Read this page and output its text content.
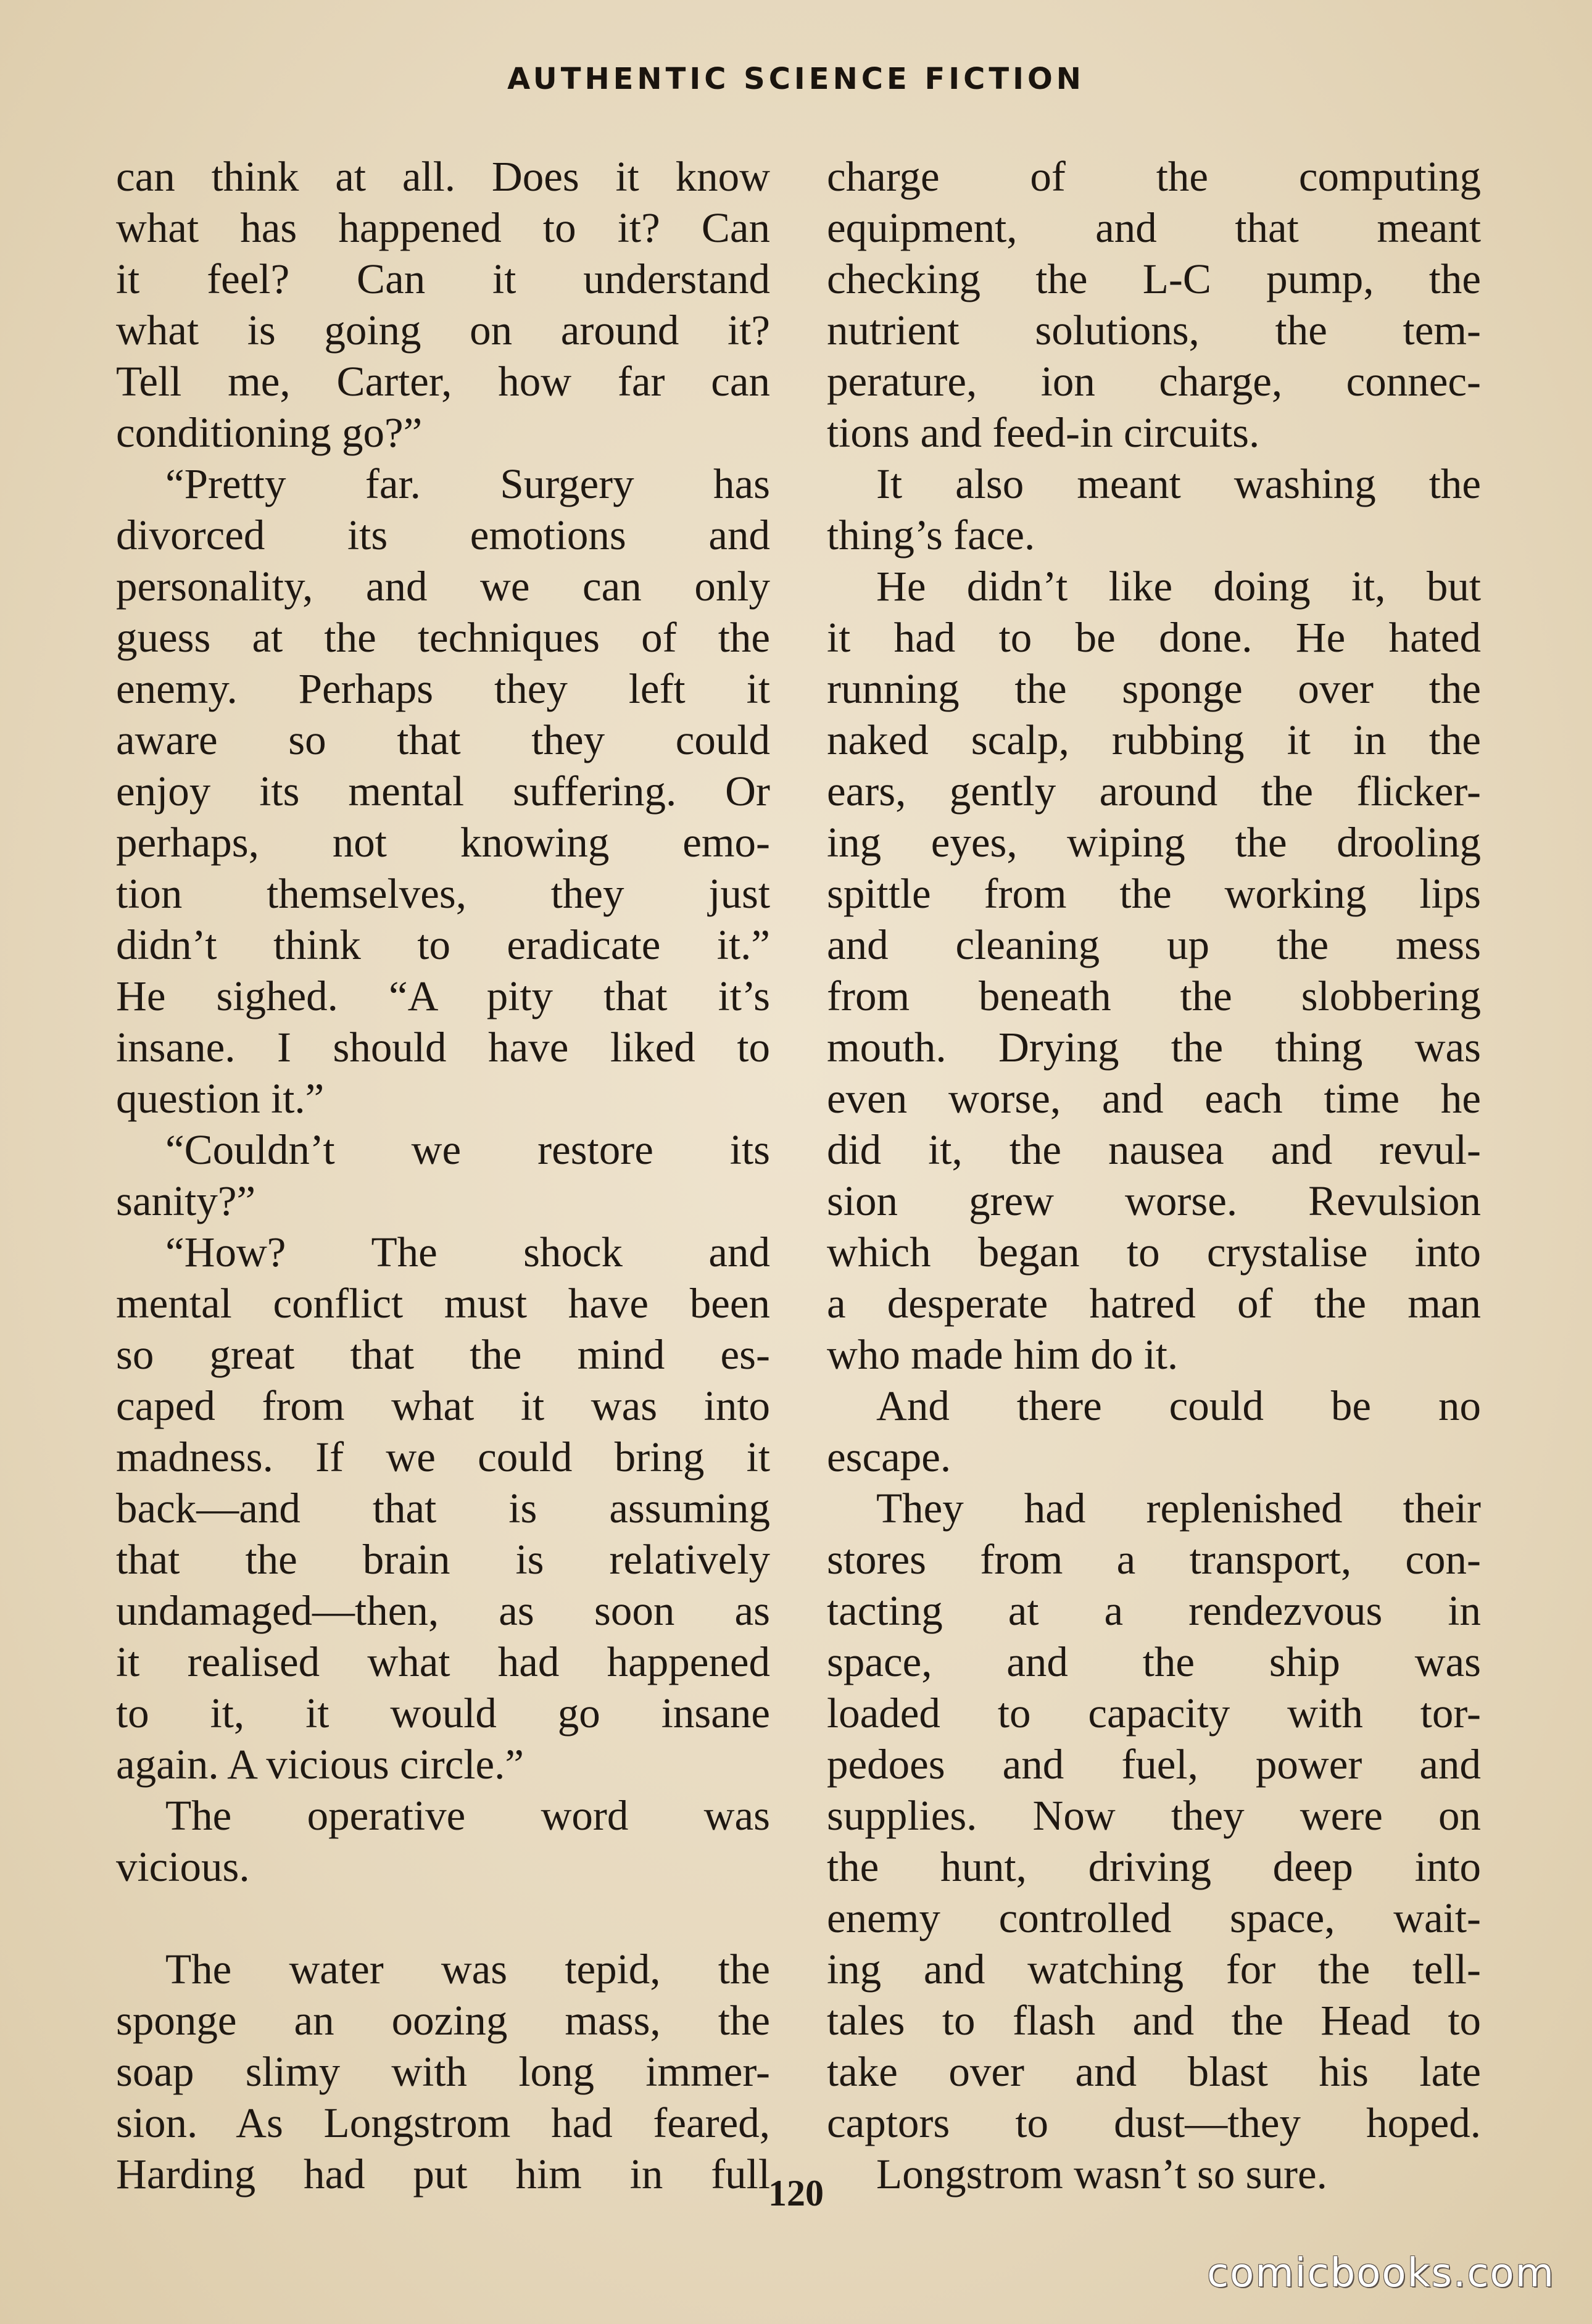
AUTHENTIC SCIENCE FICTION
can think at all. Does it know
what has happened to it? Can
it feel? Can it understand
what is going on around it?
Tell me, Carter, how far can
conditioning go?”
“Pretty far. Surgery has
divorced its emotions and
personality, and we can only
guess at the techniques of the
enemy. Perhaps they left it
aware so that they could
enjoy its mental suffering. Or
perhaps, not knowing emo-
tion themselves, they just
didn’t think to eradicate it.”
He sighed. “A pity that it’s
insane. I should have liked to
question it.”
“Couldn’t we restore its
sanity?”
“How? The shock and
mental conflict must have been
so great that the mind es-
caped from what it was into
madness. If we could bring it
back—and that is assuming
that the brain is relatively
undamaged—then, as soon as
it realised what had happened
to it, it would go insane
again. A vicious circle.”
The operative word was
vicious.
The water was tepid, the
sponge an oozing mass, the
soap slimy with long immer-
sion. As Longstrom had feared,
Harding had put him in full
charge of the computing
equipment, and that meant
checking the L-C pump, the
nutrient solutions, the tem-
perature, ion charge, connec-
tions and feed-in circuits.
It also meant washing the
thing’s face.
He didn’t like doing it, but
it had to be done. He hated
running the sponge over the
naked scalp, rubbing it in the
ears, gently around the flicker-
ing eyes, wiping the drooling
spittle from the working lips
and cleaning up the mess
from beneath the slobbering
mouth. Drying the thing was
even worse, and each time he
did it, the nausea and revul-
sion grew worse. Revulsion
which began to crystalise into
a desperate hatred of the man
who made him do it.
And there could be no
escape.
They had replenished their
stores from a transport, con-
tacting at a rendezvous in
space, and the ship was
loaded to capacity with tor-
pedoes and fuel, power and
supplies. Now they were on
the hunt, driving deep into
enemy controlled space, wait-
ing and watching for the tell-
tales to flash and the Head to
take over and blast his late
captors to dust—they hoped.
Longstrom wasn’t so sure.
120
comicbooks.com
